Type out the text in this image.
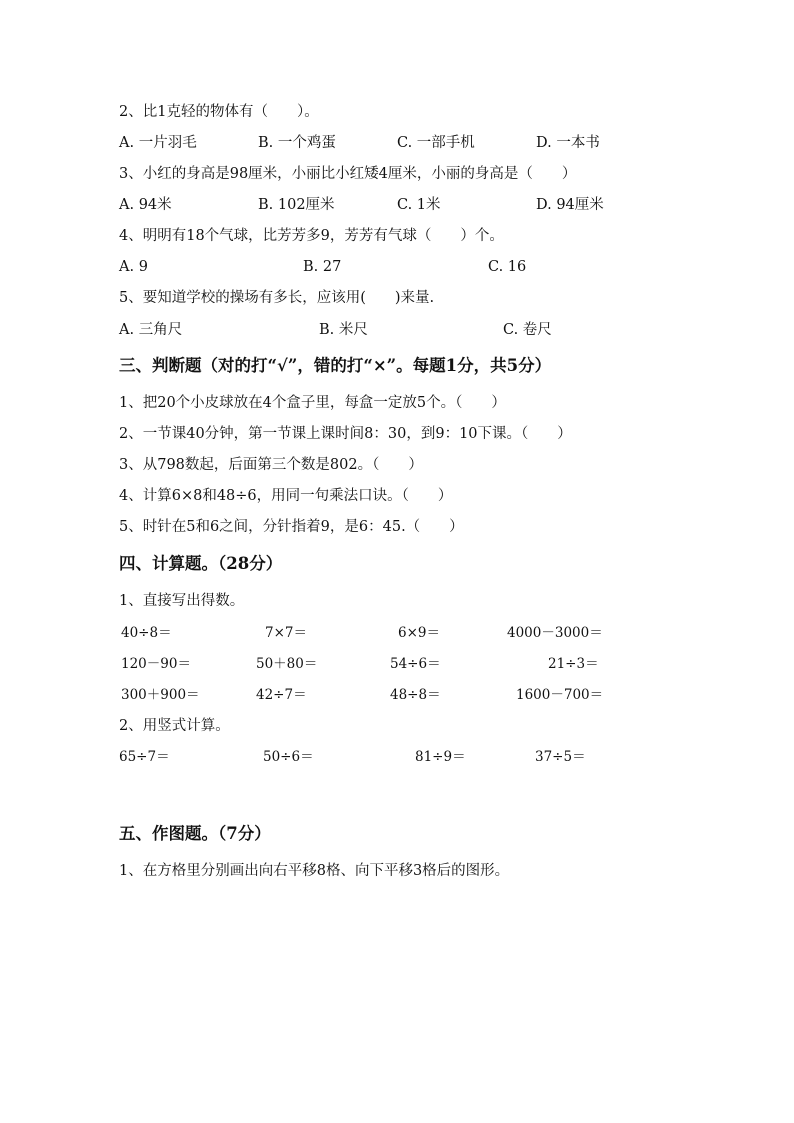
2、比1克轻的物体有（　　）。
A. 一片羽毛	B. 一个鸡蛋	C. 一部手机	D. 一本书
3、小红的身高是98厘米，小丽比小红矮4厘米，小丽的身高是（　　）
A. 94米	B. 102厘米	C. 1米	D. 94厘米
4、明明有18个气球，比芳芳多9，芳芳有气球（　　）个。
A. 9	B. 27	C. 16
5、要知道学校的操场有多长，应该用(　　)来量.
A. 三角尺	B. 米尺	C. 卷尺
三、判断题（对的打“√”，错的打“×”。每题1分，共5分）
1、把20个小皮球放在4个盒子里，每盒一定放5个。（　　）
2、一节课40分钟，第一节课上课时间8：30，到9：10下课。（　　）
3、从798数起，后面第三个数是802。（　　）
4、计算6×8和48÷6，用同一句乘法口诀。（　　）
5、时针在5和6之间，分针指着9，是6：45.（　　）
四、计算题。（28分）
1、直接写出得数。
40÷8＝	7×7＝	6×9＝	4000－3000＝
120－90＝	50＋80＝	54÷6＝	21÷3＝
300＋900＝	42÷7＝	48÷8＝	1600－700＝
2、用竖式计算。
65÷7＝	50÷6＝	81÷9＝	37÷5＝
五、作图题。（7分）
1、在方格里分别画出向右平移8格、向下平移3格后的图形。
